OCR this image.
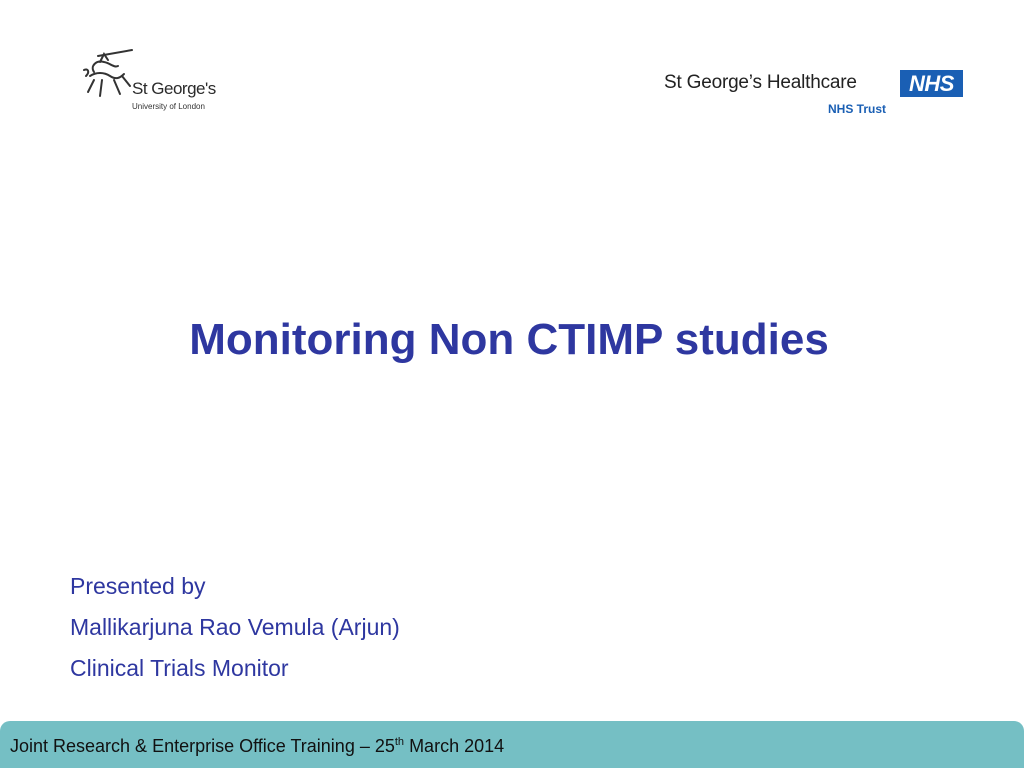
St George's
University of London
St George’s Healthcare	NHS
NHS Trust
Monitoring Non CTIMP studies
Presented by
Mallikarjuna Rao Vemula (Arjun)
Clinical Trials Monitor
Joint Research & Enterprise Office Training – 25th March 2014
